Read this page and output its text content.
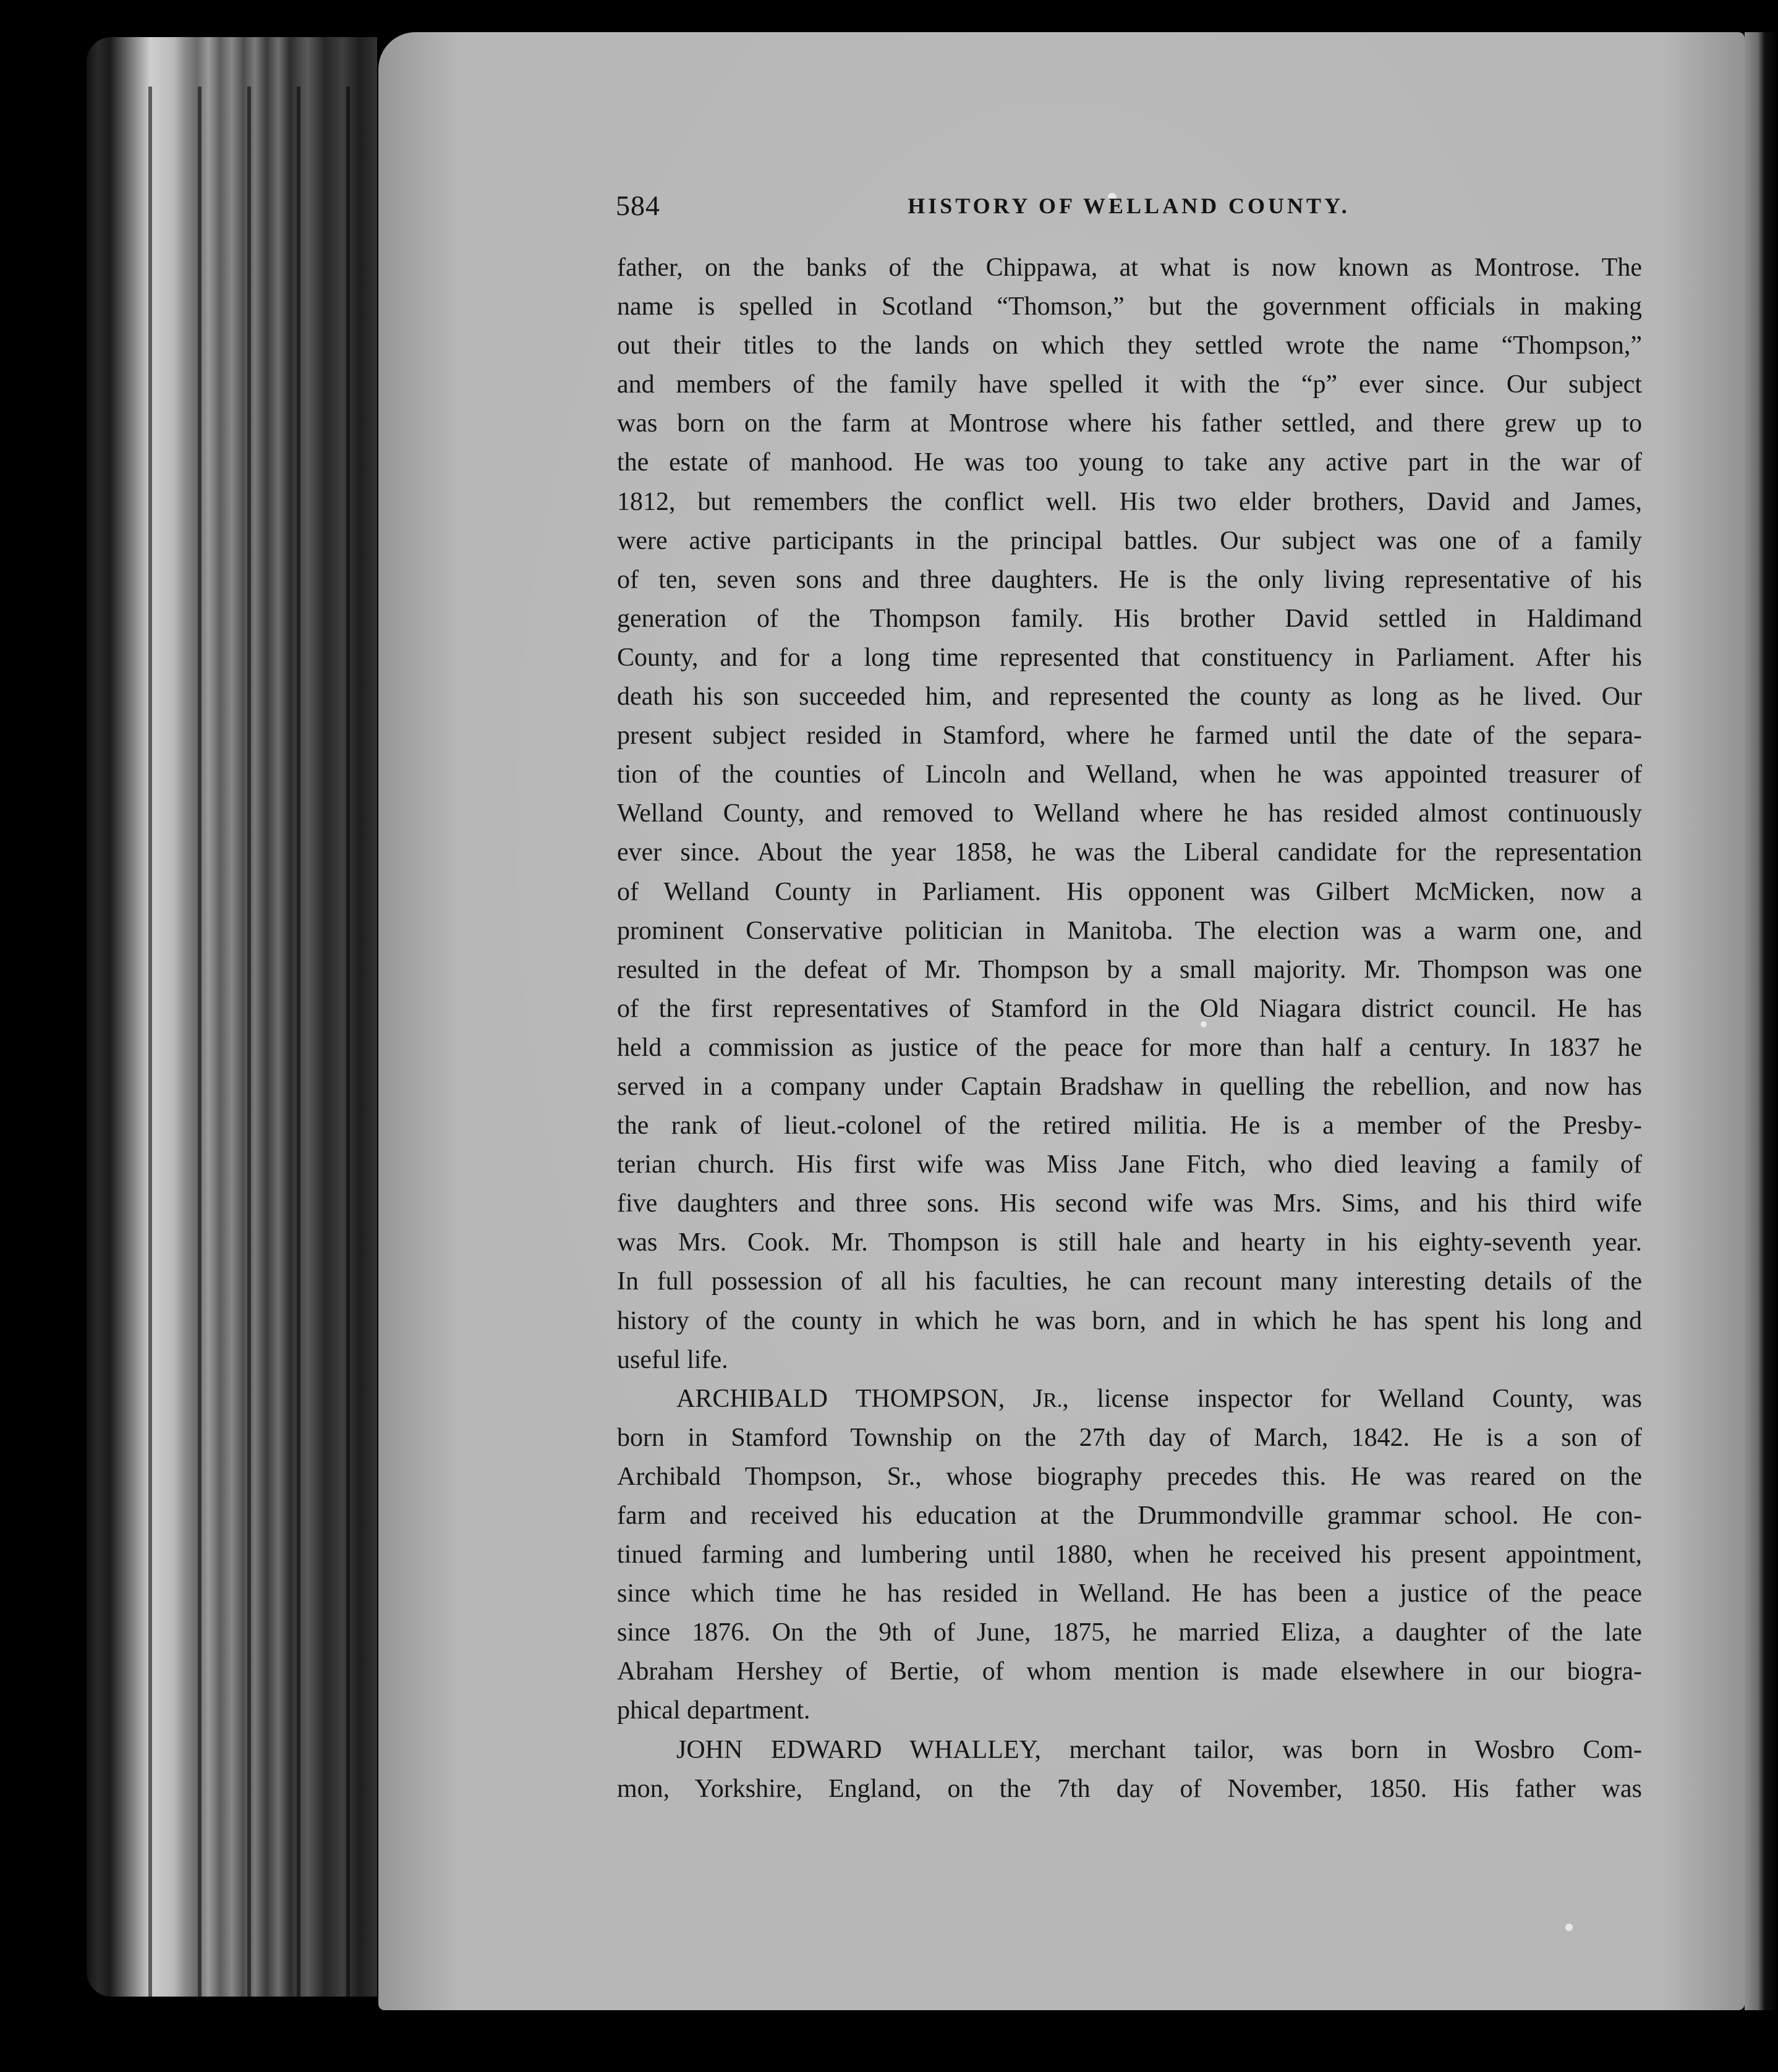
584	HISTORY OF WELLAND COUNTY.
father, on the banks of the Chippawa, at what is now known as Montrose. The
name is spelled in Scotland “Thomson,” but the government officials in making
out their titles to the lands on which they settled wrote the name “Thompson,”
and members of the family have spelled it with the “p” ever since. Our subject
was born on the farm at Montrose where his father settled, and there grew up to
the estate of manhood. He was too young to take any active part in the war of
1812, but remembers the conflict well. His two elder brothers, David and James,
were active participants in the principal battles. Our subject was one of a family
of ten, seven sons and three daughters. He is the only living representative of his
generation of the Thompson family. His brother David settled in Haldimand
County, and for a long time represented that constituency in Parliament. After his
death his son succeeded him, and represented the county as long as he lived. Our
present subject resided in Stamford, where he farmed until the date of the separa-
tion of the counties of Lincoln and Welland, when he was appointed treasurer of
Welland County, and removed to Welland where he has resided almost continuously
ever since. About the year 1858, he was the Liberal candidate for the representation
of Welland County in Parliament. His opponent was Gilbert McMicken, now a
prominent Conservative politician in Manitoba. The election was a warm one, and
resulted in the defeat of Mr. Thompson by a small majority. Mr. Thompson was one
of the first representatives of Stamford in the Old Niagara district council. He has
held a commission as justice of the peace for more than half a century. In 1837 he
served in a company under Captain Bradshaw in quelling the rebellion, and now has
the rank of lieut.-colonel of the retired militia. He is a member of the Presby-
terian church. His first wife was Miss Jane Fitch, who died leaving a family of
five daughters and three sons. His second wife was Mrs. Sims, and his third wife
was Mrs. Cook. Mr. Thompson is still hale and hearty in his eighty-seventh year.
In full possession of all his faculties, he can recount many interesting details of the
history of the county in which he was born, and in which he has spent his long and
useful life.
ARCHIBALD THOMPSON, JR., license inspector for Welland County, was
born in Stamford Township on the 27th day of March, 1842. He is a son of
Archibald Thompson, Sr., whose biography precedes this. He was reared on the
farm and received his education at the Drummondville grammar school. He con-
tinued farming and lumbering until 1880, when he received his present appointment,
since which time he has resided in Welland. He has been a justice of the peace
since 1876. On the 9th of June, 1875, he married Eliza, a daughter of the late
Abraham Hershey of Bertie, of whom mention is made elsewhere in our biogra-
phical department.
JOHN EDWARD WHALLEY, merchant tailor, was born in Wosbro Com-
mon, Yorkshire, England, on the 7th day of November, 1850. His father was
